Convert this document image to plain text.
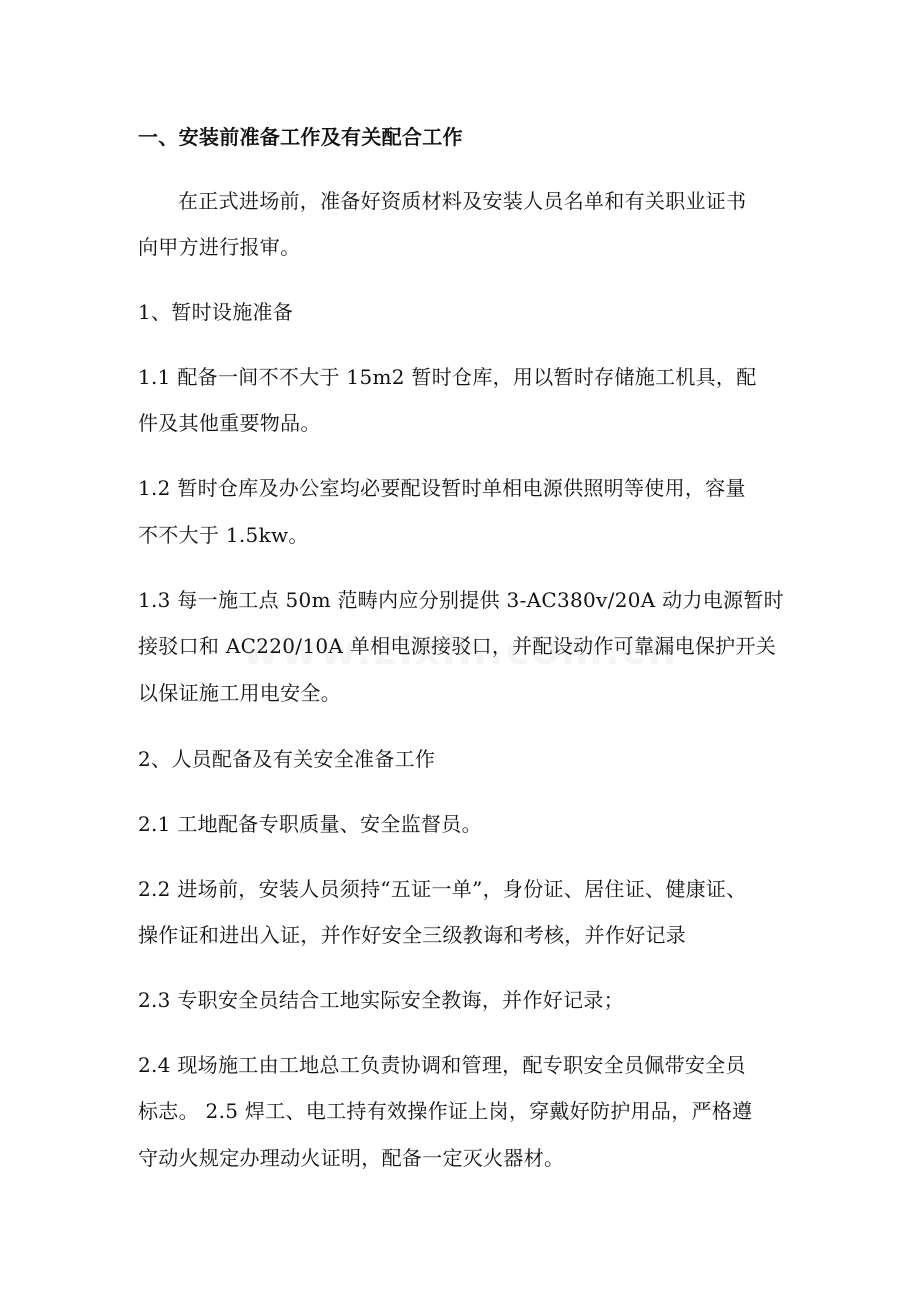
一、安装前准备工作及有关配合工作
在正式进场前，准备好资质材料及安装人员名单和有关职业证书
向甲方进行报审。
1、暂时设施准备
1.1 配备一间不不大于 15m2 暂时仓库，用以暂时存储施工机具，配
件及其他重要物品。
1.2 暂时仓库及办公室均必要配设暂时单相电源供照明等使用，容量
不不大于 1.5kw。
1.3 每一施工点 50m 范畴内应分别提供 3-AC380v/20A 动力电源暂时
接驳口和 AC220/10A 单相电源接驳口，并配设动作可靠漏电保护开关
以保证施工用电安全。
2、人员配备及有关安全准备工作
2.1 工地配备专职质量、安全监督员。
2.2 进场前，安装人员须持“五证一单”，身份证、居住证、健康证、
操作证和进出入证，并作好安全三级教诲和考核，并作好记录
2.3 专职安全员结合工地实际安全教诲，并作好记录；
2.4 现场施工由工地总工负责协调和管理，配专职安全员佩带安全员
标志。 2.5 焊工、电工持有效操作证上岗，穿戴好防护用品，严格遵
守动火规定办理动火证明，配备一定灭火器材。
